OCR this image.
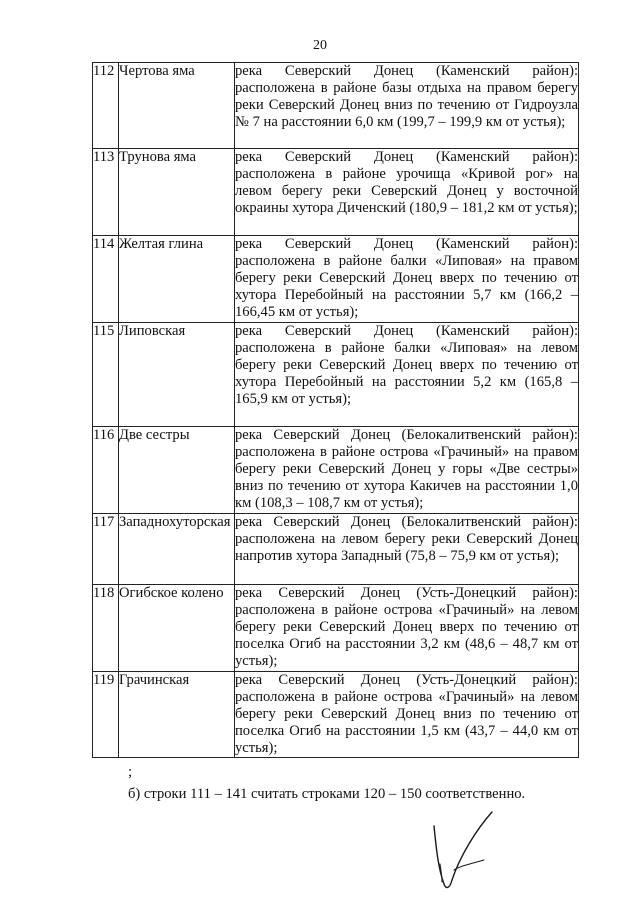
20
112	Чертова яма	река Северский Донец (Каменский район): расположена в районе базы отдыха на правом берегу реки Северский Донец вниз по течению от Гидроузла № 7 на расстоянии 6,0 км (199,7 – 199,9 км от устья);
113	Трунова яма	река Северский Донец (Каменский район): расположена в районе урочища «Кривой рог» на левом берегу реки Северский Донец у восточной окраины хутора Диченский (180,9 – 181,2 км от устья);
114	Желтая глина	река Северский Донец (Каменский район): расположена в районе балки «Липовая» на правом берегу реки Северский Донец вверх по течению от хутора Перебойный на расстоянии 5,7 км (166,2 – 166,45 км от устья);
115	Липовская	река Северский Донец (Каменский район): расположена в районе балки «Липовая» на левом берегу реки Северский Донец вверх по течению от хутора Перебойный на расстоянии 5,2 км (165,8 – 165,9 км от устья);
116	Две сестры	река Северский Донец (Белокалитвенский район): расположена в районе острова «Грачиный» на правом берегу реки Северский Донец у горы «Две сестры» вниз по течению от хутора Какичев на расстоянии 1,0 км (108,3 – 108,7 км от устья);
117	Западнохуторская	река Северский Донец (Белокалитвенский район): расположена на левом берегу реки Северский Донец напротив хутора Западный (75,8 – 75,9 км от устья);
118	Огибское колено	река Северский Донец (Усть-Донецкий район): расположена в районе острова «Грачиный» на левом берегу реки Северский Донец вверх по течению от поселка Огиб на расстоянии 3,2 км (48,6 – 48,7 км от устья);
119	Грачинская	река Северский Донец (Усть-Донецкий район): расположена в районе острова «Грачиный» на левом берегу реки Северский Донец вниз по течению от поселка Огиб на расстоянии 1,5 км (43,7 – 44,0 км от устья);
;
б) строки 111 – 141 считать строками 120 – 150 соответственно.
